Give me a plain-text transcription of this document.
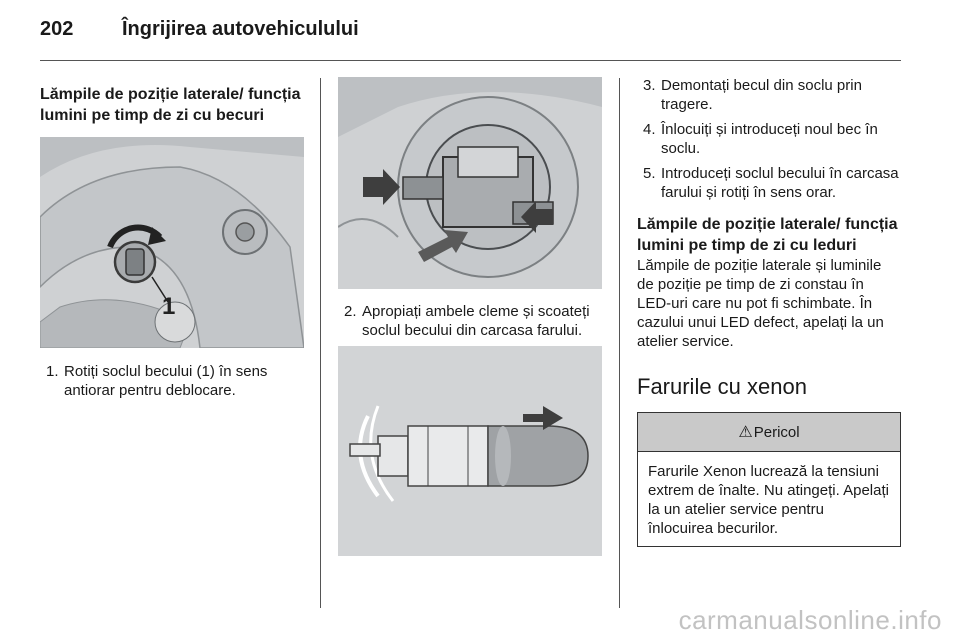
202 Îngrijirea autovehiculului
Lămpile de poziție laterale/ funcția lumini pe timp de zi cu becuri
1
1. Rotiți soclul becului (1) în sens antiorar pentru deblocare.
2. Apropiați ambele cleme și scoateți soclul becului din carcasa farului.
3. Demontați becul din soclu prin tragere.
4. Înlocuiți și introduceți noul bec în soclu.
5. Introduceți soclul becului în carcasa farului și rotiți în sens orar.
Lămpile de poziție laterale/ funcția lumini pe timp de zi cu leduri

Lămpile de poziție laterale și luminile de poziție pe timp de zi constau în LED-uri care nu pot fi schimbate. În cazului unui LED defect, apelați la un atelier service.

Farurile cu xenon
⚠ Pericol
Farurile Xenon lucrează la tensiuni extrem de înalte. Nu atingeți. Apelați la un atelier service pentru înlocuirea becurilor.
carmanualsonline.info
